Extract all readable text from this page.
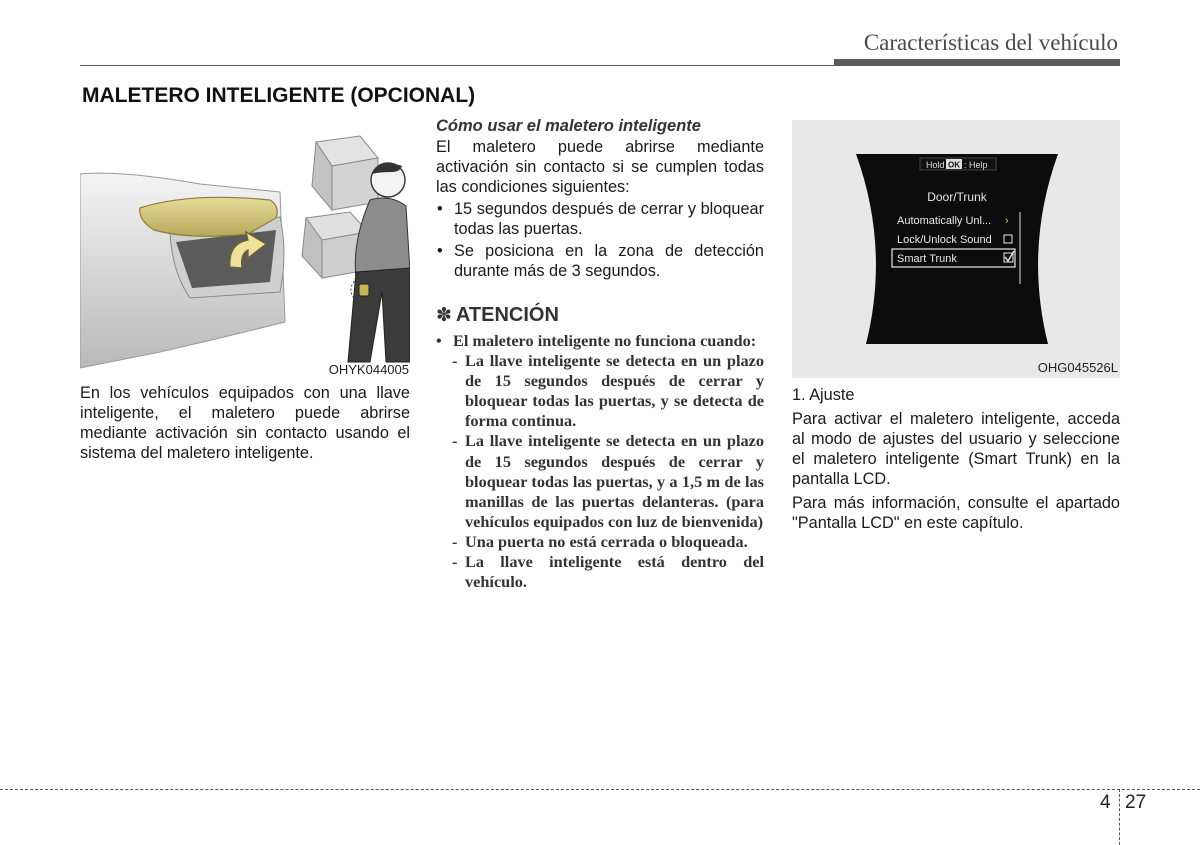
Características del vehículo
MALETERO INTELIGENTE (OPCIONAL)
OHYK044005
En los vehículos equipados con una llave inteligente, el maletero puede abrirse mediante activación sin contacto usando el sistema del maletero inteligente.
Cómo usar el maletero inteligente

El maletero puede abrirse mediante activación sin contacto si se cumplen todas las condiciones siguientes:

• 15 segundos después de cerrar y bloquear todas las puertas.
• Se posiciona en la zona de detección durante más de 3 segundos.
✽ ATENCIÓN
• El maletero inteligente no funciona cuando:
- La llave inteligente se detecta en un plazo de 15 segundos después de cerrar y bloquear todas las puertas, y se detecta de forma continua.
- La llave inteligente se detecta en un plazo de 15 segundos después de cerrar y bloquear todas las puertas, y a 1,5 m de las manillas de las puertas delanteras. (para vehículos equipados con luz de bienvenida)
- Una puerta no está cerrada o bloqueada.
- La llave inteligente está dentro del vehículo.
Hold OK : Help
Door/Trunk
Automatically Unl... ›
Lock/Unlock Sound
Smart Trunk
OHG045526L

1. Ajuste

Para activar el maletero inteligente, acceda al modo de ajustes del usuario y seleccione el maletero inteligente (Smart Trunk) en la pantalla LCD.

Para más información, consulte el apartado "Pantalla LCD" en este capítulo.

4 27
